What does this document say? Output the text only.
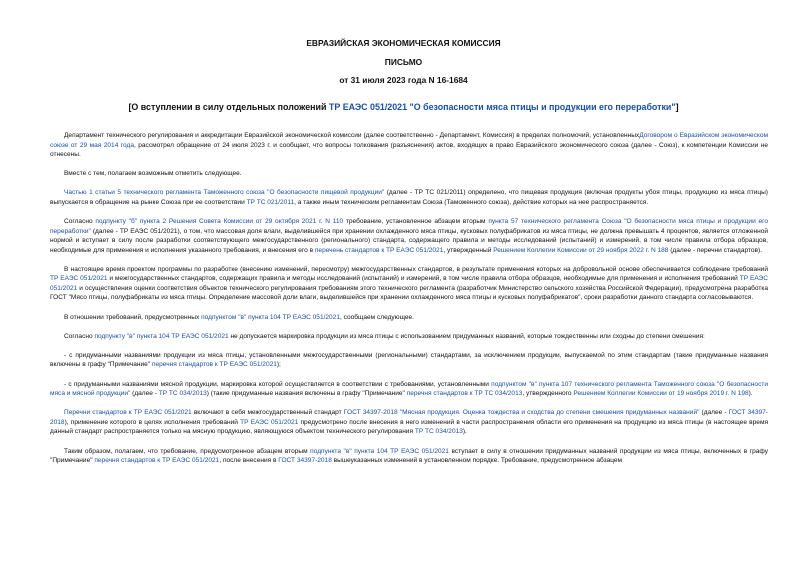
ЕВРАЗИЙСКАЯ ЭКОНОМИЧЕСКАЯ КОМИССИЯ
ПИСЬМО
от 31 июля 2023 года N 16-1684
[О вступлении в силу отдельных положений ТР ЕАЭС 051/2021 "О безопасности мяса птицы и продукции его переработки"]

Департамент технического регулирования и аккредитации Евразийской экономической комиссии (далее соответственно - Департамент, Комиссия) в пределах полномочий, установленныхДоговором о Евразийском экономическом союзе от 29 мая 2014 года, рассмотрел обращение от 24 июля 2023 г. и сообщает, что вопросы толкования (разъяснения) актов, входящих в право Евразийского экономического союза (далее - Союз), к компетенции Комиссии не отнесены.

Вместе с тем, полагаем возможным отметить следующее.

Частью 1 статьи 5 технического регламента Таможенного союза "О безопасности пищевой продукции" (далее - ТР ТС 021/2011) определено, что пищевая продукция (включая продукты убоя птицы, продукцию из мяса птицы) выпускается в обращение на рынке Союза при ее соответствии ТР ТС 021/2011, а также иным техническим регламентам Союза (Таможенного союза), действие которых на нее распространяется.

Согласно подпункту "б" пункта 2 Решения Совета Комиссии от 29 октября 2021 г. N 110 требование, установленное абзацем вторым пункта 57 технического регламента Союза "О безопасности мяса птицы и продукции его переработки" (далее - ТР ЕАЭС 051/2021), о том, что массовая доля влаги, выделившейся при хранении охлажденного мяса птицы, кусковых полуфабрикатов из мяса птицы, не должна превышать 4 процентов, является отложенной нормой и вступает в силу после разработки соответствующего межгосударственного (регионального) стандарта, содержащего правила и методы исследований (испытаний) и измерений, в том числе правила отбора образцов, необходимые для применения и исполнения указанного требования, и внесения его в перечень стандартов к ТР ЕАЭС 051/2021, утвержденный Решением Коллегии Комиссии от 29 ноября 2022 г. N 188 (далее - перечни стандартов).

В настоящее время проектом программы по разработке (внесению изменений, пересмотру) межгосударственных стандартов, в результате применения которых на добровольной основе обеспечивается соблюдение требований ТР ЕАЭС 051/2021 и межгосударственных стандартов, содержащих правила и методы исследований (испытаний) и измерений, в том числе правила отбора образцов, необходимые для применения и исполнения требований ТР ЕАЭС 051/2021 и осуществления оценки соответствия объектов технического регулирования требованиям этого технического регламента (разработчик Министерство сельского хозяйства Российской Федерации), предусмотрена разработка ГОСТ "Мясо птицы, полуфабрикаты из мяса птицы. Определение массовой доли влаги, выделившейся при хранении охлажденного мяса птицы и кусковых полуфабрикатов", сроки разработки данного стандарта согласовываются.

В отношении требований, предусмотренных подпунктом "в" пункта 104 ТР ЕАЭС 051/2021, сообщаем следующее.

Согласно подпункту "в" пункта 104 ТР ЕАЭС 051/2021 не допускается маркировка продукции из мяса птицы с использованием придуманных названий, которые тождественны или сходны до степени смешения:

- с придуманными названиями продукции из мяса птицы, установленными межгосударственными (региональными) стандартами, за исключением продукции, выпускаемой по этим стандартам (такие придуманные названия включены в графу "Примечание" перечня стандартов к ТР ЕАЭС 051/2021);

- с придуманными названиями мясной продукции, маркировка которой осуществляется в соответствии с требованиями, установленными подпунктом "в" пункта 107 технического регламента Таможенного союза "О безопасности мяса и мясной продукции" (далее - ТР ТС 034/2013) (такие придуманные названия включены в графу "Примечание" перечня стандартов к ТР ТС 034/2013, утвержденного Решением Коллегии Комиссии от 19 ноября 2019 г. N 198).

Перечни стандартов к ТР ЕАЭС 051/2021 включают в себя межгосударственный стандарт ГОСТ 34397-2018 "Мясная продукция. Оценка тождества и сходства до степени смешения придуманных названий" (далее - ГОСТ 34397-2018), применение которого в целях исполнения требований ТР ЕАЭС 051/2021 предусмотрено после внесения в него изменений в части распространения области его применения на продукцию из мяса птицы (в настоящее время данный стандарт распространяется только на мясную продукцию, являющуюся объектом технического регулирования ТР ТС 034/2013).

Таким образом, полагаем, что требование, предусмотренное абзацем вторым подпункта "в" пункта 104 ТР ЕАЭС 051/2021 вступает в силу в отношении придуманных названий продукции из мяса птицы, включенных в графу "Примечание" перечня стандартов к ТР ЕАЭС 051/2021, после внесения в ГОСТ 34397-2018 вышеуказанных изменений в установленном порядке. Требование, предусмотренное абзацем
